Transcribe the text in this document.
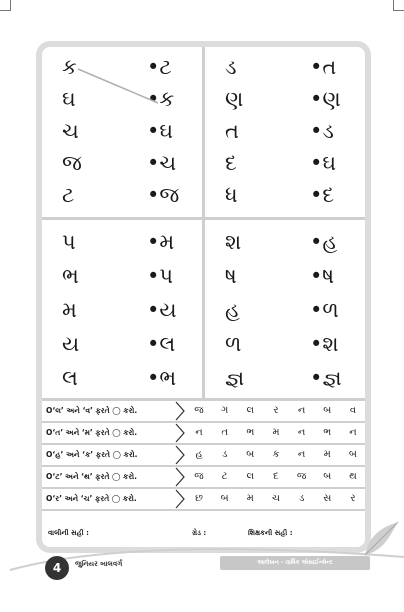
ક	•ટ
ઘ	•ક
ચ	•ઘ
જ	•ચ
ટ	•જ
ડ	•ત
ણ	•ણ
ત	•ડ
દ	•ઘ
ધ	•દ
પ	•મ
ભ	•પ
મ	•ય
ય	•લ
લ	•ભ
શ	•હ
ષ	•ષ
હ	•ળ
ળ	•શ
જ્ઞ	•જ્ઞ
O‘લ’ અને ‘વ’ ફરતે ◯ કરો.	જ	ગ	લ	ર	ન	બ	વ
O‘ત’ અને ‘મ’ ફરતે ◯ કરો.	ન	ત	ભ	મ	ન	ભ	ન
O‘હ’ અને ‘ક’ ફરતે ◯ કરો.	હ	ડ	બ	ક	ન	મ	બ
O‘ટ’ અને ‘થ’ ફરતે ◯ કરો.	જ	ટ	લ	દ	જ	બ	થ
O‘ર’ અને ‘ચ’ ફરતે ◯ કરો.	છ	બ	મ	ચ	ડ	સ	ર
વાલીની સહી :	ગ્રેડ :	શિક્ષકની સહી :
4	જુનિયર બાલવર્ગ	આલેખન - વાર્ષિક એસાઈન્મેન્ટ
